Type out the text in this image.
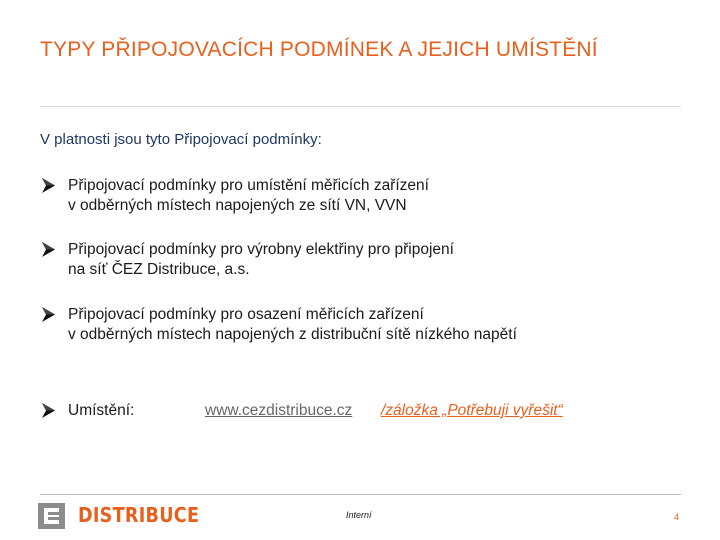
TYPY PŘIPOJOVACÍCH PODMÍNEK A JEJICH UMÍSTĚNÍ
V platnosti jsou tyto Připojovací podmínky:
Připojovací podmínky pro umístění měřicích zařízení
v odběrných místech napojených ze sítí VN, VVN
Připojovací podmínky pro výrobny elektřiny pro připojení
na síť ČEZ Distribuce, a.s.
Připojovací podmínky pro osazení měřicích zařízení
v odběrných místech napojených z distribuční sítě nízkého napětí
Umístění:	www.cezdistribuce.cz /záložka „Potřebuji vyřešit“
DISTRIBUCE	Interní	4
